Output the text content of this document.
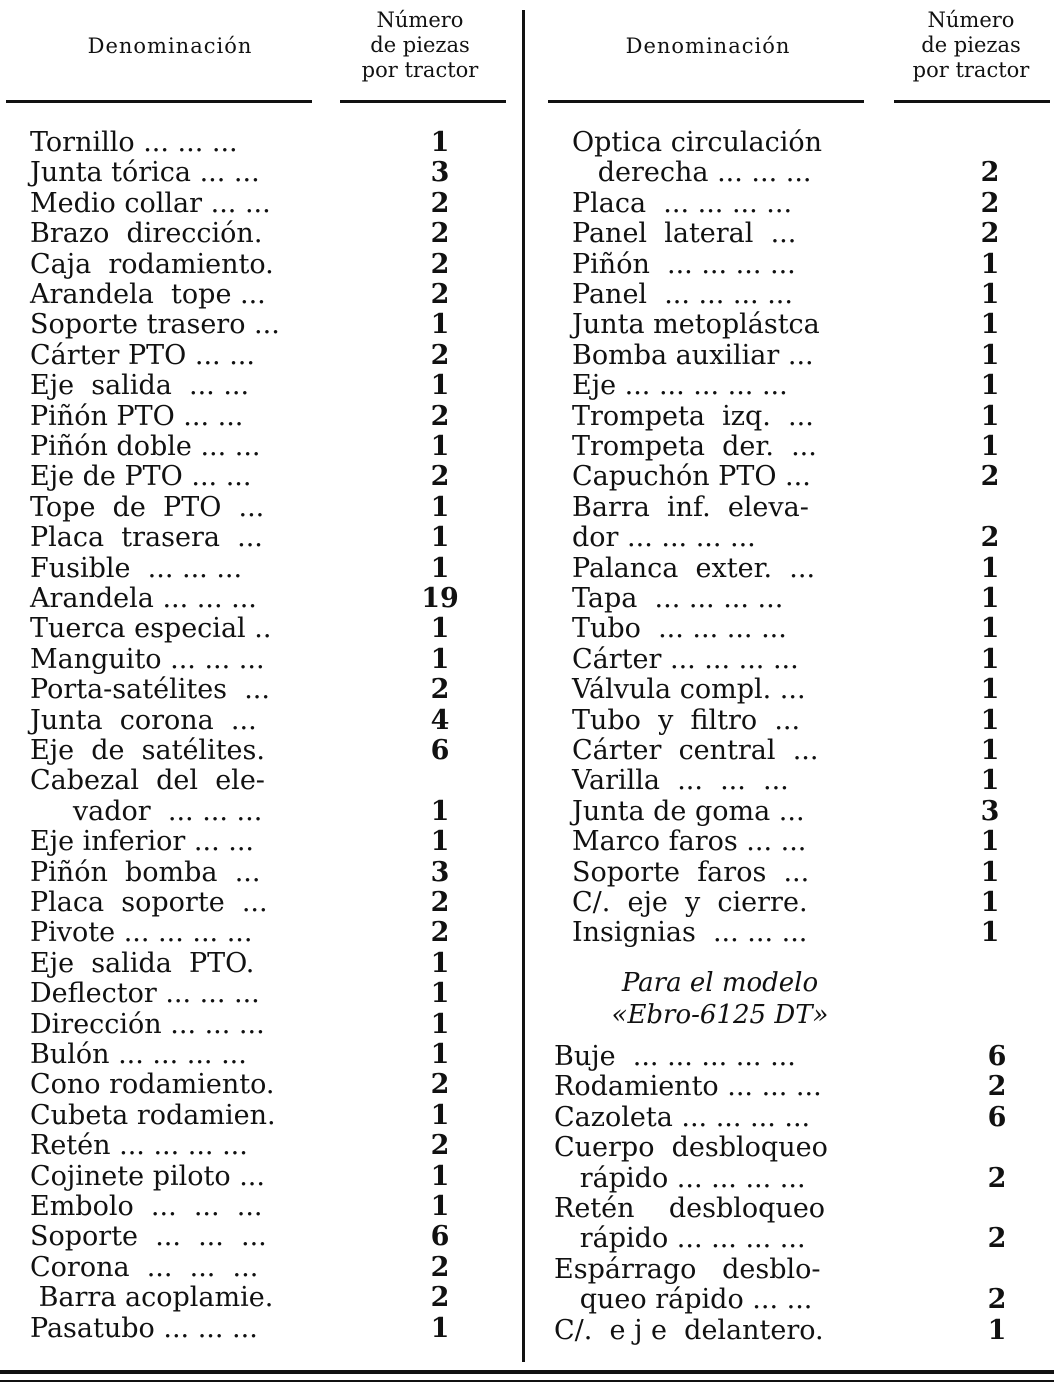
Denominación
Número
de piezas
por tractor
Denominación
Número
de piezas
por tractor
Tornillo ... ... ...	1
Junta tórica ... ...	3
Medio collar ... ...	2
Brazo  dirección.	2
Caja  rodamiento.	2
Arandela  tope ...	2
Soporte trasero ...	1
Cárter PTO ... ...	2
Eje  salida  ... ...	1
Piñón PTO ... ...	2
Piñón doble ... ...	1
Eje de PTO ... ...	2
Tope  de  PTO  ...	1
Placa  trasera  ...	1
Fusible  ... ... ...	1
Arandela ... ... ...	19
Tuerca especial ..	1
Manguito ... ... ...	1
Porta-satélites  ...	2
Junta  corona  ...	4
Eje  de  satélites.	6
Cabezal  del  ele-
vador  ... ... ...	1
Eje inferior ... ...	1
Piñón  bomba  ...	3
Placa  soporte  ...	2
Pivote ... ... ... ...	2
Eje  salida  PTO.	1
Deflector ... ... ...	1
Dirección ... ... ...	1
Bulón ... ... ... ...	1
Cono rodamiento.	2
Cubeta rodamien.	1
Retén ... ... ... ...	2
Cojinete piloto ...	1
Embolo  ...  ...  ...	1
Soporte  ...  ...  ...	6
Corona  ...  ...  ...	2
Barra acoplamie.	2
Pasatubo ... ... ...	1
Optica circulación
derecha ... ... ...	2
Placa  ... ... ... ...	2
Panel  lateral  ...	2
Piñón  ... ... ... ...	1
Panel  ... ... ... ...	1
Junta metoplástca	1
Bomba auxiliar ...	1
Eje ... ... ... ... ...	1
Trompeta  izq.  ...	1
Trompeta  der.  ...	1
Capuchón PTO ...	2
Barra  inf.  eleva-
dor ... ... ... ...	2
Palanca  exter.  ...	1
Tapa  ... ... ... ...	1
Tubo  ... ... ... ...	1
Cárter ... ... ... ...	1
Válvula compl. ...	1
Tubo  y  filtro  ...	1
Cárter  central  ...	1
Varilla  ...  ...  ...	1
Junta de goma ...	3
Marco faros ... ...	1
Soporte  faros  ...	1
C/.  eje  y  cierre.	1
Insignias  ... ... ...	1
Para el modelo
«Ebro-6125 DT»
Buje  ... ... ... ... ...	6
Rodamiento ... ... ...	2
Cazoleta ... ... ... ...	6
Cuerpo  desbloqueo
rápido ... ... ... ...	2
Retén    desbloqueo
rápido ... ... ... ...	2
Espárrago   desblo-
queo rápido ... ...	2
C/.  e j e  delantero.	1
